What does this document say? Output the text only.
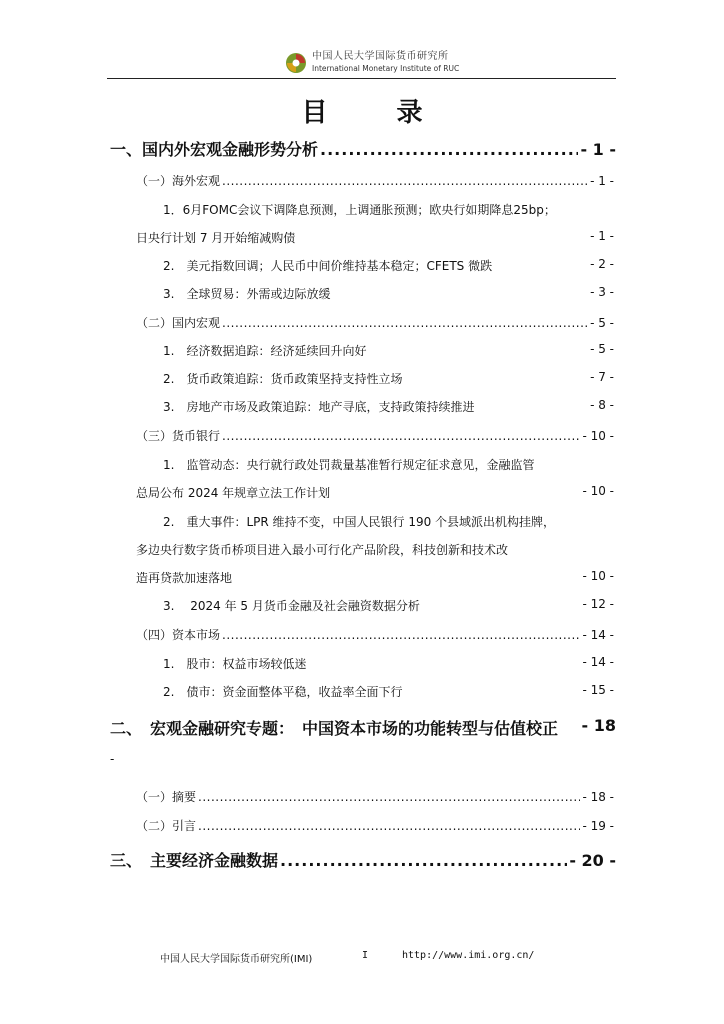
中国人民大学国际货币研究所
International Monetary Institute of RUC
目 录
一、国内外宏观金融形势分析 .....	- 1 -
（一）海外宏观 .....	- 1 -
1．6月FOMC会议下调降息预测，上调通胀预测；欧央行如期降息25bp；
日央行计划 7 月开始缩减购债	- 1 -
2.　美元指数回调；人民币中间价维持基本稳定；CFETS 微跌	- 2 -
3.　全球贸易：外需或边际放缓	- 3 -
（二）国内宏观 .....	- 5 -
1.　经济数据追踪：经济延续回升向好	- 5 -
2.　货币政策追踪：货币政策坚持支持性立场	- 7 -
3.　房地产市场及政策追踪：地产寻底，支持政策持续推进	- 8 -
（三）货币银行 .....	- 10 -
1.　监管动态：央行就行政处罚裁量基准暂行规定征求意见，金融监管
总局公布 2024 年规章立法工作计划	- 10 -
2.　重大事件：LPR 维持不变，中国人民银行 190 个县域派出机构挂牌，
多边央行数字货币桥项目进入最小可行化产品阶段，科技创新和技术改
造再贷款加速落地	- 10 -
3.　 2024 年 5 月货币金融及社会融资数据分析	- 12 -
（四）资本市场 .....	- 14 -
1.　股市：权益市场较低迷	- 14 -
2.　债市：资金面整体平稳，收益率全面下行	- 15 -
二、　宏观金融研究专题：　中国资本市场的功能转型与估值校正 - 18
-
（一）摘要 .....	- 18 -
（二）引言 .....	- 19 -
三、　主要经济金融数据 .....	- 20 -
中国人民大学国际货币研究所(IMI)	I	http://www.imi.org.cn/
